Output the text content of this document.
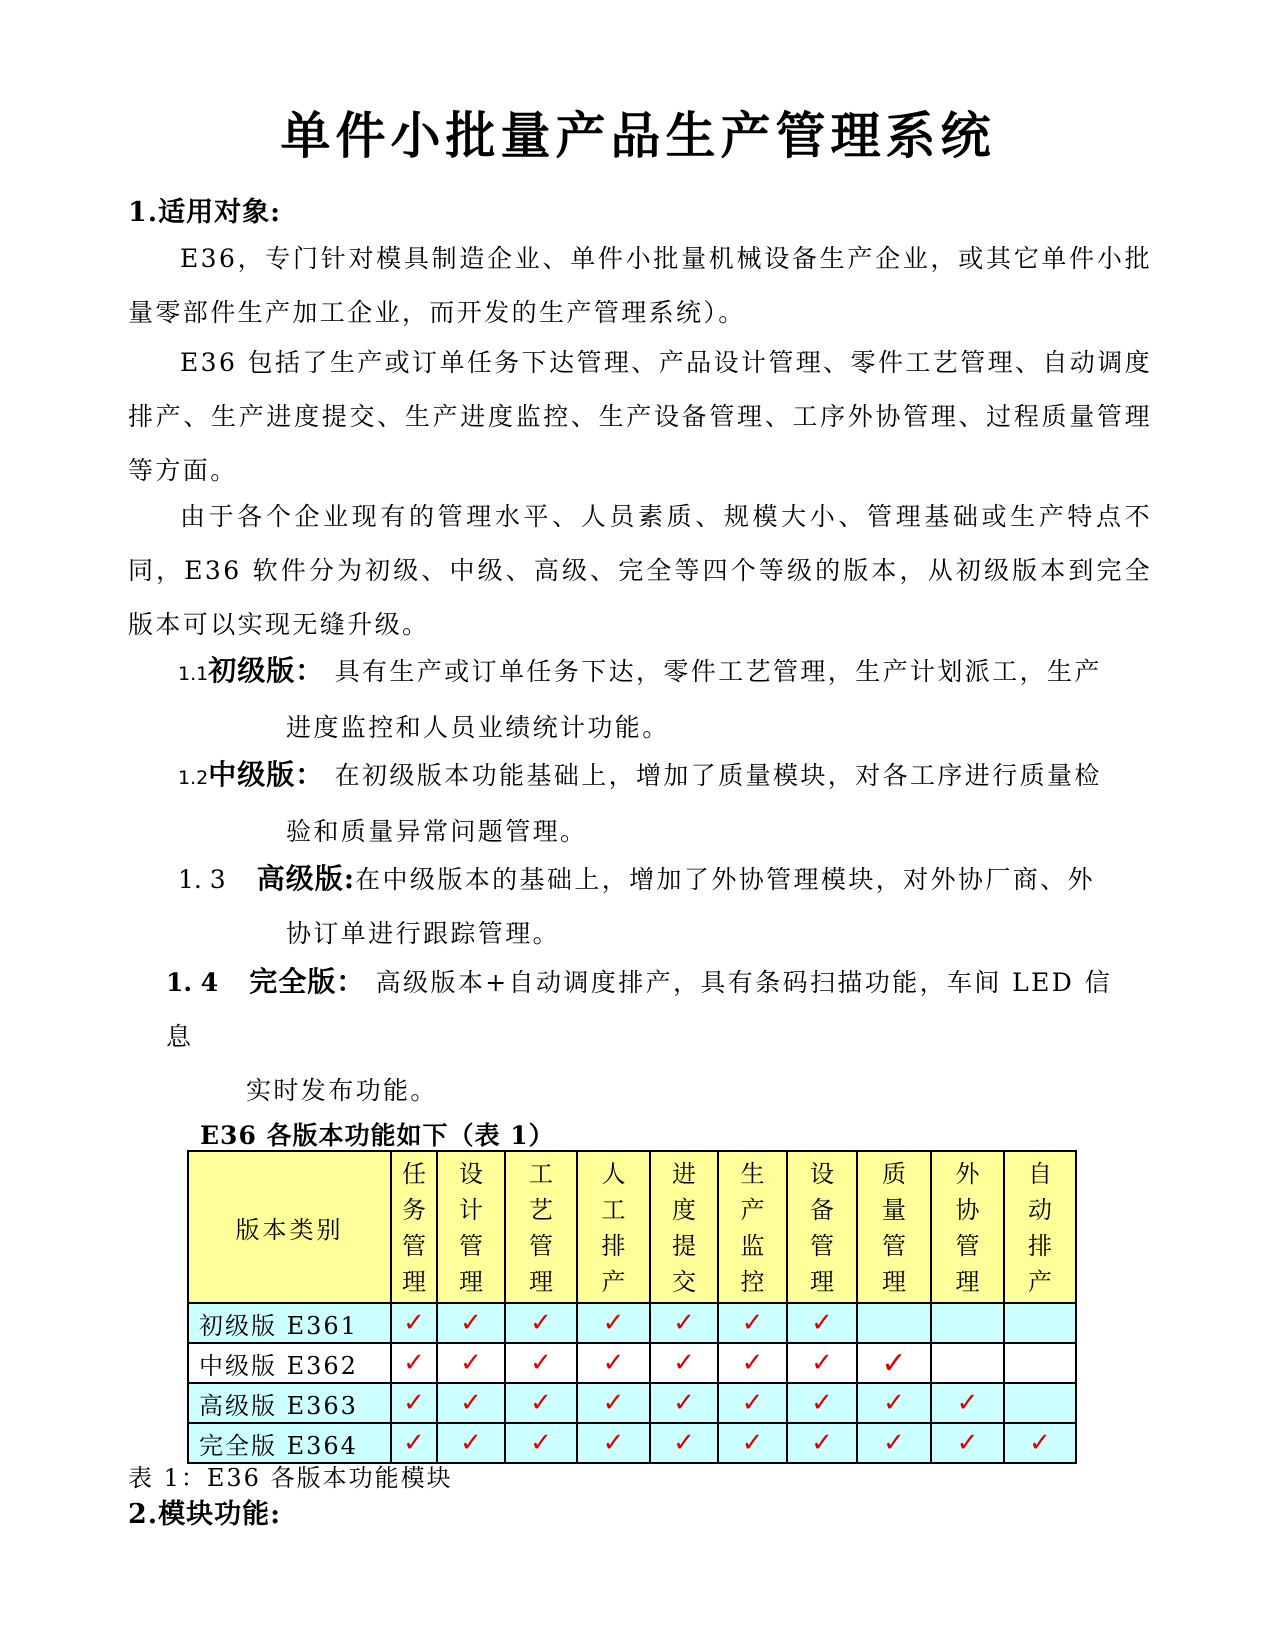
单件小批量产品生产管理系统
1.适用对象:

E36，专门针对模具制造企业、单件小批量机械设备生产企业，或其它单件小批量零部件生产加工企业，而开发的生产管理系统）。

E36 包括了生产或订单任务下达管理、产品设计管理、零件工艺管理、自动调度排产、生产进度提交、生产进度监控、生产设备管理、工序外协管理、过程质量管理等方面。

由于各个企业现有的管理水平、人员素质、规模大小、管理基础或生产特点不同，E36 软件分为初级、中级、高级、完全等四个等级的版本，从初级版本到完全版本可以实现无缝升级。

1.1初级版： 具有生产或订单任务下达，零件工艺管理，生产计划派工，生产
进度监控和人员业绩统计功能。
1.2中级版： 在初级版本功能基础上，增加了质量模块，对各工序进行质量检
验和质量异常问题管理。
1. 3 高级版:在中级版本的基础上，增加了外协管理模块，对外协厂商、外
协订单进行跟踪管理。
1. 4 完全版： 高级版本+自动调度排产，具有条码扫描功能，车间 LED 信息
实时发布功能。

E36 各版本功能如下（表 1）

版本类别	任
务
管
理	设
计
管
理	工
艺
管
理	人
工
排
产	进
度
提
交	生
产
监
控	设
备
管
理	质
量
管
理	外
协
管
理	自
动
排
产

初级版 E361	✓	✓	✓	✓	✓	✓	✓			
中级版 E362	✓	✓	✓	✓	✓	✓	✓	✓		
高级版 E363	✓	✓	✓	✓	✓	✓	✓	✓	✓	
完全版 E364	✓	✓	✓	✓	✓	✓	✓	✓	✓	✓

表 1：E36 各版本功能模块

2.模块功能:
